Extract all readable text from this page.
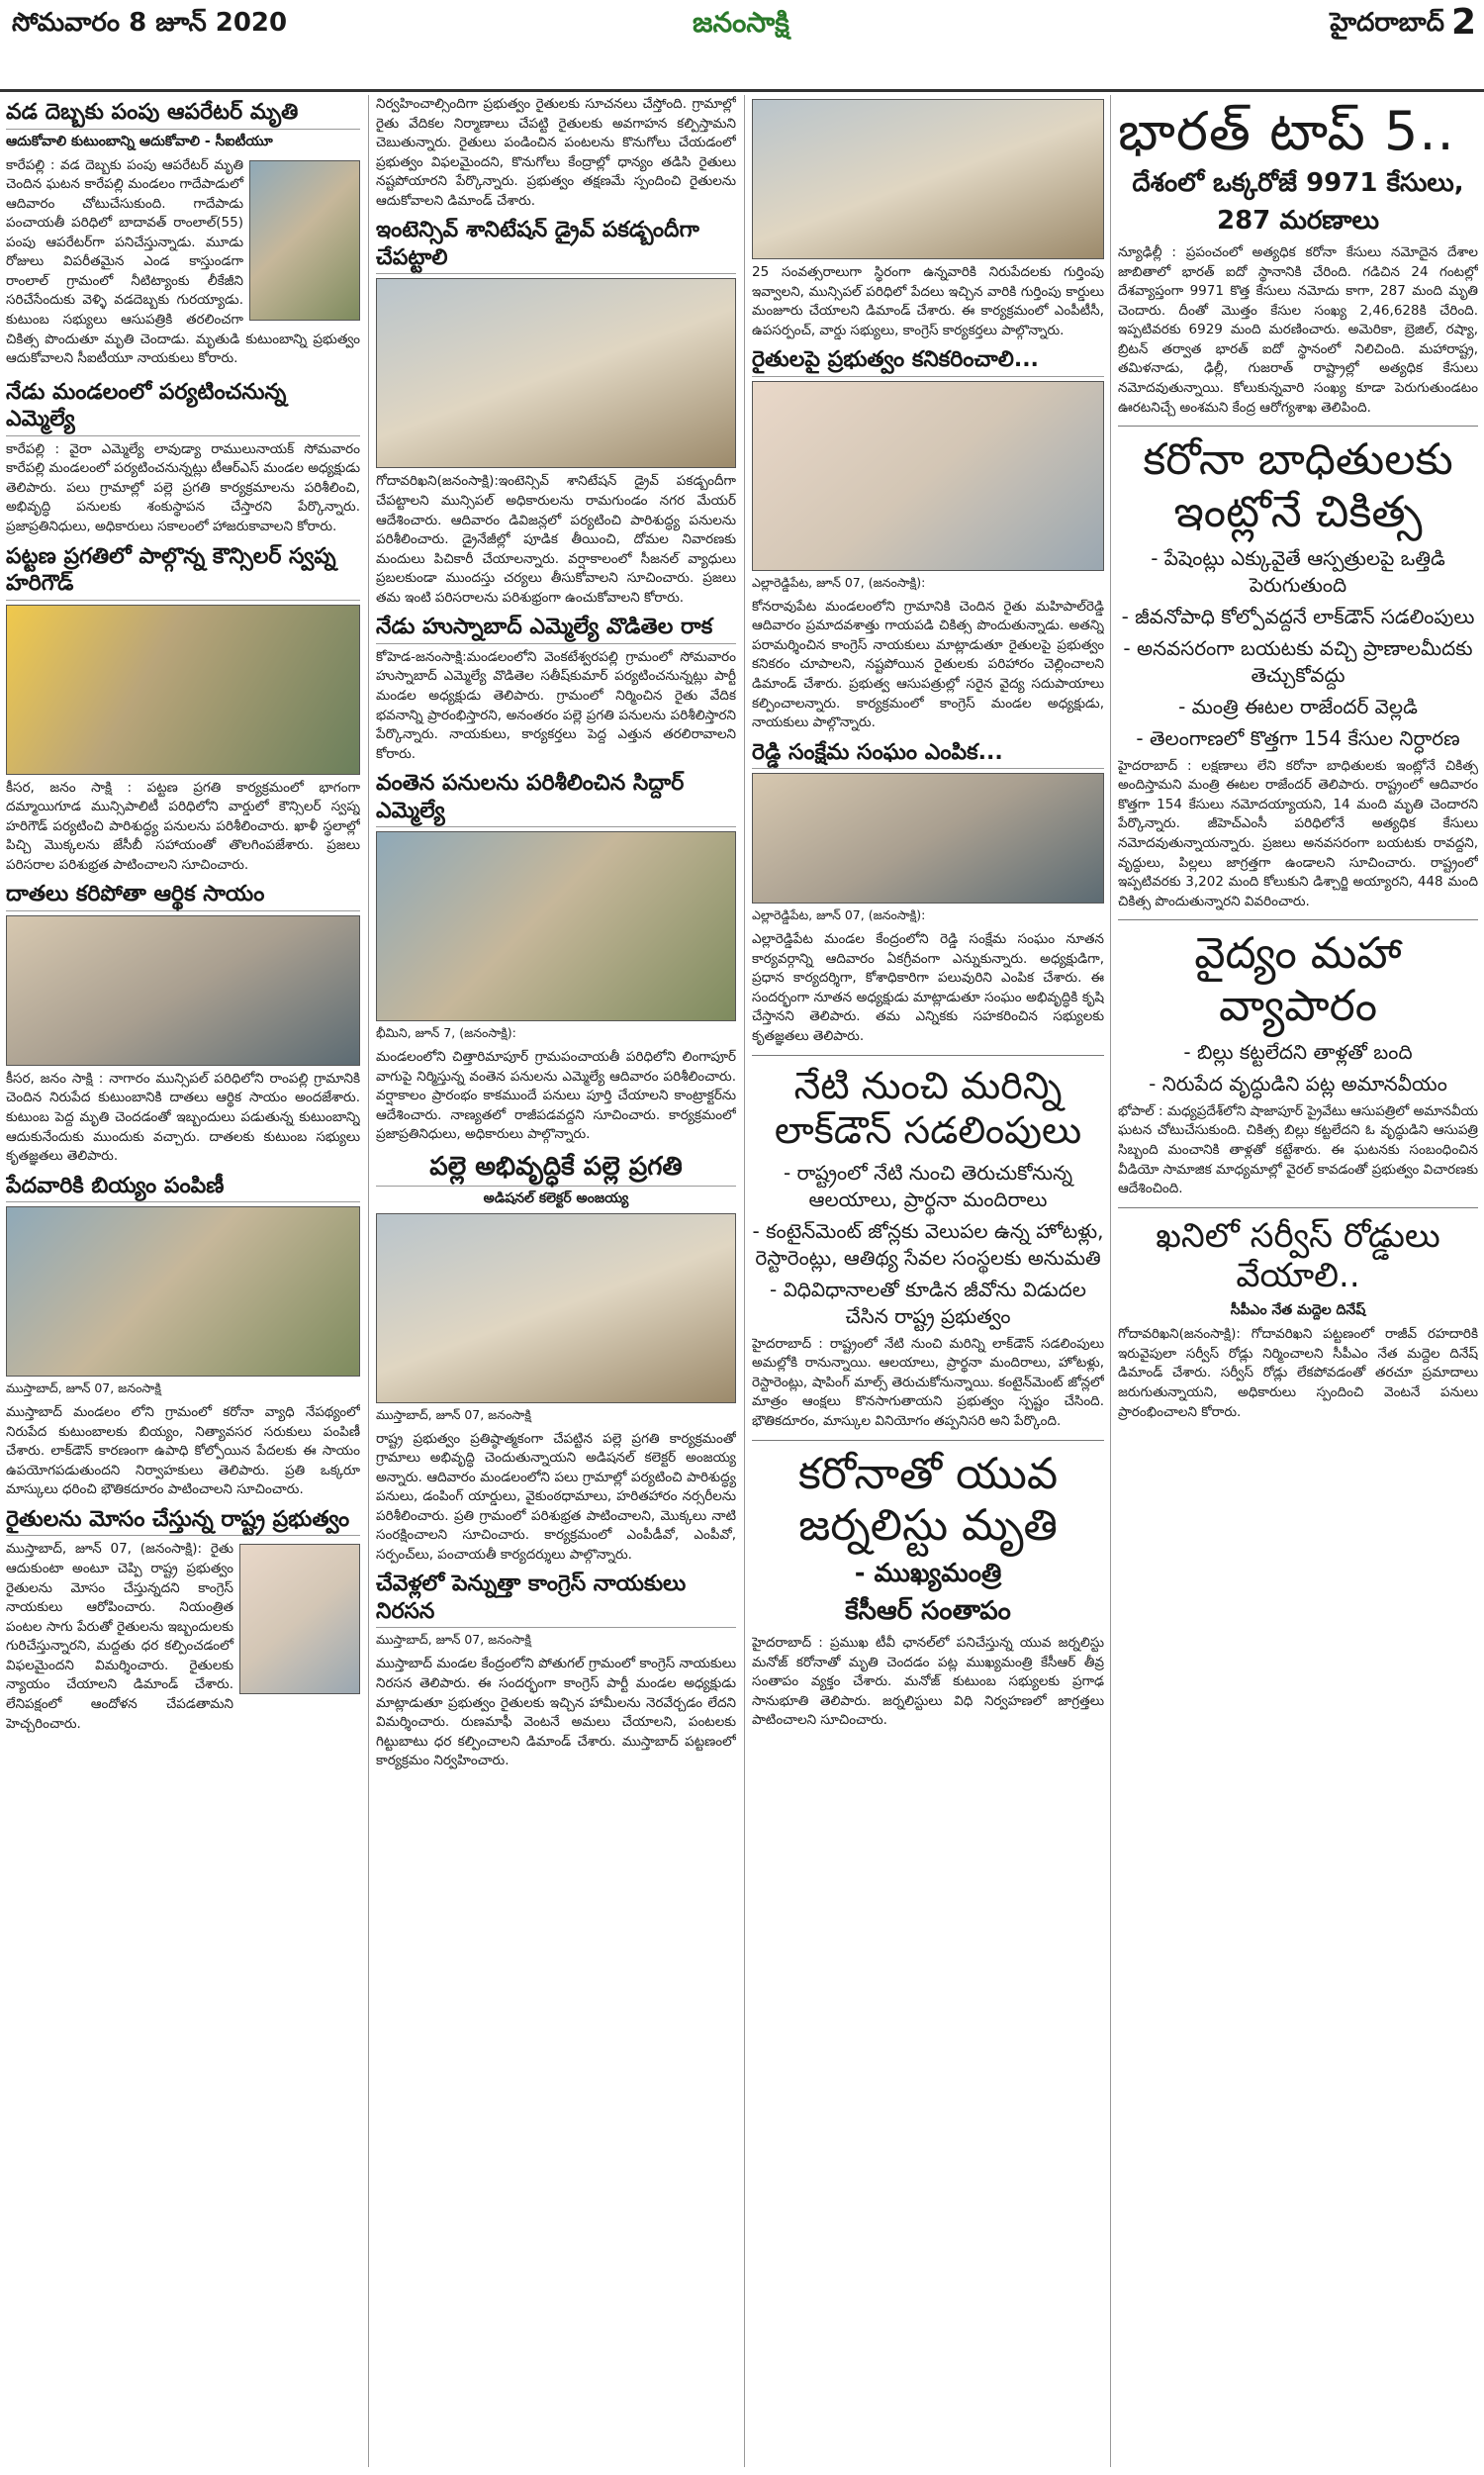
సోమవారం 8 జూన్ 2020	జనంసాక్షి	హైదరాబాద్ 2
వడ దెబ్బకు పంపు ఆపరేటర్ మృతి
ఆదుకోవాలి కుటుంబాన్ని ఆదుకోవాలి - సీఐటీయూ

కారేపల్లి : వడ దెబ్బకు పంపు ఆపరేటర్ మృతి చెందిన ఘటన కారేపల్లి మండలం గాదేపాడులో ఆదివారం చోటుచేసుకుంది. గాదేపాడు పంచాయతీ పరిధిలో బాదావత్ రాంలాల్(55) పంపు ఆపరేటర్‌గా పనిచేస్తున్నాడు. మూడు రోజులు విపరీతమైన ఎండ కాస్తుండగా రాంలాల్ గ్రామంలో నీటిట్యాంకు లీకేజీని సరిచేసేందుకు వెళ్ళి వడదెబ్బకు గురయ్యాడు. కుటుంబ సభ్యులు ఆసుపత్రికి తరలించగా చికిత్స పొందుతూ మృతి చెందాడు. మృతుడి కుటుంబాన్ని ప్రభుత్వం ఆదుకోవాలని సీఐటీయూ నాయకులు కోరారు.

నేడు మండలంలో పర్యటించనున్న ఎమ్మెల్యే

కారేపల్లి : వైరా ఎమ్మెల్యే లావుడ్యా రాములునాయక్ సోమవారం కారేపల్లి మండలంలో పర్యటించనున్నట్లు టీఆర్ఎస్ మండల అధ్యక్షుడు తెలిపారు. పలు గ్రామాల్లో పల్లె ప్రగతి కార్యక్రమాలను పరిశీలించి, అభివృద్ధి పనులకు శంకుస్థాపన చేస్తారని పేర్కొన్నారు. ప్రజాప్రతినిధులు, అధికారులు సకాలంలో హాజరుకావాలని కోరారు.

పట్టణ ప్రగతిలో పాల్గొన్న కౌన్సిలర్ స్వప్న హరిగౌడ్

కీసర, జనం సాక్షి : పట్టణ ప్రగతి కార్యక్రమంలో భాగంగా దమ్మాయిగూడ మున్సిపాలిటీ పరిధిలోని వార్డులో కౌన్సిలర్ స్వప్న హరిగౌడ్ పర్యటించి పారిశుద్ధ్య పనులను పరిశీలించారు. ఖాళీ స్థలాల్లో పిచ్చి మొక్కలను జేసీబీ సహాయంతో తొలగింపజేశారు. ప్రజలు పరిసరాల పరిశుభ్రత పాటించాలని సూచించారు.

దాతలు కరిపోతా ఆర్థిక సాయం

కీసర, జనం సాక్షి : నాగారం మున్సిపల్ పరిధిలోని రాంపల్లి గ్రామానికి చెందిన నిరుపేద కుటుంబానికి దాతలు ఆర్థిక సాయం అందజేశారు. కుటుంబ పెద్ద మృతి చెందడంతో ఇబ్బందులు పడుతున్న కుటుంబాన్ని ఆదుకునేందుకు ముందుకు వచ్చారు. దాతలకు కుటుంబ సభ్యులు కృతజ్ఞతలు తెలిపారు.

పేదవారికి బియ్యం పంపిణీ
ముస్తాబాద్, జూన్ 07, జనంసాక్షి

ముస్తాబాద్ మండలం లోని గ్రామంలో కరోనా వ్యాధి నేపథ్యంలో నిరుపేద కుటుంబాలకు బియ్యం, నిత్యావసర సరుకులు పంపిణీ చేశారు. లాక్‌డౌన్ కారణంగా ఉపాధి కోల్పోయిన పేదలకు ఈ సాయం ఉపయోగపడుతుందని నిర్వాహకులు తెలిపారు. ప్రతి ఒక్కరూ మాస్కులు ధరించి భౌతికదూరం పాటించాలని సూచించారు.

రైతులను మోసం చేస్తున్న రాష్ట్ర ప్రభుత్వం

ముస్తాబాద్, జూన్ 07, (జనంసాక్షి): రైతు ఆదుకుంటా అంటూ చెప్పి రాష్ట్ర ప్రభుత్వం రైతులను మోసం చేస్తున్నదని కాంగ్రెస్ నాయకులు ఆరోపించారు. నియంత్రిత పంటల సాగు పేరుతో రైతులను ఇబ్బందులకు గురిచేస్తున్నారని, మద్దతు ధర కల్పించడంలో విఫలమైందని విమర్శించారు. రైతులకు న్యాయం చేయాలని డిమాండ్ చేశారు. లేనిపక్షంలో ఆందోళన చేపడతామని హెచ్చరించారు.

నిర్వహించాల్సిందిగా ప్రభుత్వం రైతులకు సూచనలు చేస్తోంది. గ్రామాల్లో రైతు వేదికల నిర్మాణాలు చేపట్టి రైతులకు అవగాహన కల్పిస్తామని చెబుతున్నారు. రైతులు పండించిన పంటలను కొనుగోలు చేయడంలో ప్రభుత్వం విఫలమైందని, కొనుగోలు కేంద్రాల్లో ధాన్యం తడిసి రైతులు నష్టపోయారని పేర్కొన్నారు. ప్రభుత్వం తక్షణమే స్పందించి రైతులను ఆదుకోవాలని డిమాండ్ చేశారు.

ఇంటెన్సివ్ శానిటేషన్ డ్రైవ్ పకడ్బందీగా చేపట్టాలి

గోదావరిఖని(జనంసాక్షి):ఇంటెన్సివ్ శానిటేషన్ డ్రైవ్ పకడ్బందీగా చేపట్టాలని మున్సిపల్ అధికారులను రామగుండం నగర మేయర్ ఆదేశించారు. ఆదివారం డివిజన్లలో పర్యటించి పారిశుద్ధ్య పనులను పరిశీలించారు. డ్రైనేజీల్లో పూడిక తీయించి, దోమల నివారణకు మందులు పిచికారీ చేయాలన్నారు. వర్షాకాలంలో సీజనల్ వ్యాధులు ప్రబలకుండా ముందస్తు చర్యలు తీసుకోవాలని సూచించారు. ప్రజలు తమ ఇంటి పరిసరాలను పరిశుభ్రంగా ఉంచుకోవాలని కోరారు.

నేడు హుస్నాబాద్ ఎమ్మెల్యే వొడితెల రాక

కోహెడ-జనంసాక్షి:మండలంలోని వెంకటేశ్వరపల్లి గ్రామంలో సోమవారం హుస్నాబాద్ ఎమ్మెల్యే వొడితెల సతీష్‌కుమార్ పర్యటించనున్నట్లు పార్టీ మండల అధ్యక్షుడు తెలిపారు. గ్రామంలో నిర్మించిన రైతు వేదిక భవనాన్ని ప్రారంభిస్తారని, అనంతరం పల్లె ప్రగతి పనులను పరిశీలిస్తారని పేర్కొన్నారు. నాయకులు, కార్యకర్తలు పెద్ద ఎత్తున తరలిరావాలని కోరారు.

వంతెన పనులను పరిశీలించిన సిద్దార్ ఎమ్మెల్యే
భీమిని, జూన్ 7, (జనంసాక్షి):

మండలంలోని చిత్తారిమాపూర్ గ్రామపంచాయతీ పరిధిలోని లింగాపూర్ వాగుపై నిర్మిస్తున్న వంతెన పనులను ఎమ్మెల్యే ఆదివారం పరిశీలించారు. వర్షాకాలం ప్రారంభం కాకముందే పనులు పూర్తి చేయాలని కాంట్రాక్టర్‌ను ఆదేశించారు. నాణ్యతలో రాజీపడవద్దని సూచించారు. కార్యక్రమంలో ప్రజాప్రతినిధులు, అధికారులు పాల్గొన్నారు.

పల్లె అభివృద్ధికే పల్లె ప్రగతి
అడిషనల్ కలెక్టర్ అంజయ్య
ముస్తాబాద్, జూన్ 07, జనంసాక్షి

రాష్ట్ర ప్రభుత్వం ప్రతిష్ఠాత్మకంగా చేపట్టిన పల్లె ప్రగతి కార్యక్రమంతో గ్రామాలు అభివృద్ధి చెందుతున్నాయని అడిషనల్ కలెక్టర్ అంజయ్య అన్నారు. ఆదివారం మండలంలోని పలు గ్రామాల్లో పర్యటించి పారిశుద్ధ్య పనులు, డంపింగ్ యార్డులు, వైకుంఠధామాలు, హరితహారం నర్సరీలను పరిశీలించారు. ప్రతి గ్రామంలో పరిశుభ్రత పాటించాలని, మొక్కలు నాటి సంరక్షించాలని సూచించారు. కార్యక్రమంలో ఎంపీడీవో, ఎంపీవో, సర్పంచ్‌లు, పంచాయతీ కార్యదర్శులు పాల్గొన్నారు.

చేవెళ్లలో పెన్నుత్తా కాంగ్రెస్ నాయకులు నిరసన
ముస్తాబాద్, జూన్ 07, జనంసాక్షి

ముస్తాబాద్ మండల కేంద్రంలోని పోతుగల్ గ్రామంలో కాంగ్రెస్ నాయకులు నిరసన తెలిపారు. ఈ సందర్భంగా కాంగ్రెస్ పార్టీ మండల అధ్యక్షుడు మాట్లాడుతూ ప్రభుత్వం రైతులకు ఇచ్చిన హామీలను నెరవేర్చడం లేదని విమర్శించారు. రుణమాఫీ వెంటనే అమలు చేయాలని, పంటలకు గిట్టుబాటు ధర కల్పించాలని డిమాండ్ చేశారు. ముస్తాబాద్ పట్టణంలో కార్యక్రమం నిర్వహించారు.

25 సంవత్సరాలుగా స్థిరంగా ఉన్నవారికి నిరుపేదలకు గుర్తింపు ఇవ్వాలని, మున్సిపల్ పరిధిలో పేదలు ఇచ్చిన వారికి గుర్తింపు కార్డులు మంజూరు చేయాలని డిమాండ్ చేశారు. ఈ కార్యక్రమంలో ఎంపీటీసీ, ఉపసర్పంచ్, వార్డు సభ్యులు, కాంగ్రెస్ కార్యకర్తలు పాల్గొన్నారు.

రైతులపై ప్రభుత్వం కనికరించాలి...
ఎల్లారెడ్డిపేట, జూన్ 07, (జనంసాక్షి):

కోనరావుపేట మండలంలోని గ్రామానికి చెందిన రైతు మహిపాల్‌రెడ్డి ఆదివారం ప్రమాదవశాత్తు గాయపడి చికిత్స పొందుతున్నాడు. అతన్ని పరామర్శించిన కాంగ్రెస్ నాయకులు మాట్లాడుతూ రైతులపై ప్రభుత్వం కనికరం చూపాలని, నష్టపోయిన రైతులకు పరిహారం చెల్లించాలని డిమాండ్ చేశారు. ప్రభుత్వ ఆసుపత్రుల్లో సరైన వైద్య సదుపాయాలు కల్పించాలన్నారు. కార్యక్రమంలో కాంగ్రెస్ మండల అధ్యక్షుడు, నాయకులు పాల్గొన్నారు.

రెడ్డి సంక్షేమ సంఘం ఎంపిక...
ఎల్లారెడ్డిపేట, జూన్ 07, (జనంసాక్షి):

ఎల్లారెడ్డిపేట మండల కేంద్రంలోని రెడ్డి సంక్షేమ సంఘం నూతన కార్యవర్గాన్ని ఆదివారం ఏకగ్రీవంగా ఎన్నుకున్నారు. అధ్యక్షుడిగా, ప్రధాన కార్యదర్శిగా, కోశాధికారిగా పలువురిని ఎంపిక చేశారు. ఈ సందర్భంగా నూతన అధ్యక్షుడు మాట్లాడుతూ సంఘం అభివృద్ధికి కృషి చేస్తానని తెలిపారు. తమ ఎన్నికకు సహకరించిన సభ్యులకు కృతజ్ఞతలు తెలిపారు.

నేటి నుంచి మరిన్ని లాక్‌డౌన్ సడలింపులు
- రాష్ట్రంలో నేటి నుంచి తెరుచుకోనున్న ఆలయాలు, ప్రార్థనా మందిరాలు
- కంటైన్‌మెంట్ జోన్లకు వెలుపల ఉన్న హోటళ్లు, రెస్టారెంట్లు, ఆతిథ్య సేవల సంస్థలకు అనుమతి
- విధివిధానాలతో కూడిన జీవోను విడుదల చేసిన రాష్ట్ర ప్రభుత్వం

హైదరాబాద్ : రాష్ట్రంలో నేటి నుంచి మరిన్ని లాక్‌డౌన్ సడలింపులు అమల్లోకి రానున్నాయి. ఆలయాలు, ప్రార్థనా మందిరాలు, హోటళ్లు, రెస్టారెంట్లు, షాపింగ్ మాల్స్ తెరుచుకోనున్నాయి. కంటైన్‌మెంట్ జోన్లలో మాత్రం ఆంక్షలు కొనసాగుతాయని ప్రభుత్వం స్పష్టం చేసింది. భౌతికదూరం, మాస్కుల వినియోగం తప్పనిసరి అని పేర్కొంది.

కరోనాతో యువ జర్నలిస్టు మృతి
- ముఖ్యమంత్రి
కేసీఆర్ సంతాపం

హైదరాబాద్ : ప్రముఖ టీవీ ఛానల్‌లో పనిచేస్తున్న యువ జర్నలిస్టు మనోజ్ కరోనాతో మృతి చెందడం పట్ల ముఖ్యమంత్రి కేసీఆర్ తీవ్ర సంతాపం వ్యక్తం చేశారు. మనోజ్ కుటుంబ సభ్యులకు ప్రగాఢ సానుభూతి తెలిపారు. జర్నలిస్టులు విధి నిర్వహణలో జాగ్రత్తలు పాటించాలని సూచించారు.

భారత్ టాప్ 5..
దేశంలో ఒక్కరోజే 9971 కేసులు,
287 మరణాలు

న్యూఢిల్లీ : ప్రపంచంలో అత్యధిక కరోనా కేసులు నమోదైన దేశాల జాబితాలో భారత్ ఐదో స్థానానికి చేరింది. గడిచిన 24 గంటల్లో దేశవ్యాప్తంగా 9971 కొత్త కేసులు నమోదు కాగా, 287 మంది మృతి చెందారు. దీంతో మొత్తం కేసుల సంఖ్య 2,46,628కి చేరింది. ఇప్పటివరకు 6929 మంది మరణించారు. అమెరికా, బ్రెజిల్, రష్యా, బ్రిటన్ తర్వాత భారత్ ఐదో స్థానంలో నిలిచింది. మహారాష్ట్ర, తమిళనాడు, ఢిల్లీ, గుజరాత్ రాష్ట్రాల్లో అత్యధిక కేసులు నమోదవుతున్నాయి. కోలుకున్నవారి సంఖ్య కూడా పెరుగుతుండటం ఊరటనిచ్చే అంశమని కేంద్ర ఆరోగ్యశాఖ తెలిపింది.

కరోనా బాధితులకు ఇంట్లోనే చికిత్స
- పేషెంట్లు ఎక్కువైతే ఆస్పత్రులపై ఒత్తిడి పెరుగుతుంది
- జీవనోపాధి కోల్పోవద్దనే లాక్‌డౌన్ సడలింపులు
- అనవసరంగా బయటకు వచ్చి ప్రాణాలమీదకు తెచ్చుకోవద్దు
- మంత్రి ఈటల రాజేందర్ వెల్లడి
- తెలంగాణలో కొత్తగా 154 కేసుల నిర్ధారణ

హైదరాబాద్ : లక్షణాలు లేని కరోనా బాధితులకు ఇంట్లోనే చికిత్స అందిస్తామని మంత్రి ఈటల రాజేందర్ తెలిపారు. రాష్ట్రంలో ఆదివారం కొత్తగా 154 కేసులు నమోదయ్యాయని, 14 మంది మృతి చెందారని పేర్కొన్నారు. జీహెచ్‌ఎంసీ పరిధిలోనే అత్యధిక కేసులు నమోదవుతున్నాయన్నారు. ప్రజలు అనవసరంగా బయటకు రావద్దని, వృద్ధులు, పిల్లలు జాగ్రత్తగా ఉండాలని సూచించారు. రాష్ట్రంలో ఇప్పటివరకు 3,202 మంది కోలుకుని డిశ్చార్జి అయ్యారని, 448 మంది చికిత్స పొందుతున్నారని వివరించారు.

వైద్యం మహా వ్యాపారం
- బిల్లు కట్టలేదని తాళ్లతో బంది
- నిరుపేద వృద్ధుడిని పట్ల అమానవీయం

భోపాల్ : మధ్యప్రదేశ్‌లోని షాజాపూర్ ప్రైవేటు ఆసుపత్రిలో అమానవీయ ఘటన చోటుచేసుకుంది. చికిత్స బిల్లు కట్టలేదని ఓ వృద్ధుడిని ఆసుపత్రి సిబ్బంది మంచానికి తాళ్లతో కట్టేశారు. ఈ ఘటనకు సంబంధించిన వీడియో సామాజిక మాధ్యమాల్లో వైరల్ కావడంతో ప్రభుత్వం విచారణకు ఆదేశించింది.

ఖనిలో సర్వీస్ రోడ్డులు వేయాలి..
సీపీఎం నేత మద్దెల దినేష్

గోదావరిఖని(జనంసాక్షి): గోదావరిఖని పట్టణంలో రాజీవ్ రహదారికి ఇరువైపులా సర్వీస్ రోడ్లు నిర్మించాలని సీపీఎం నేత మద్దెల దినేష్ డిమాండ్ చేశారు. సర్వీస్ రోడ్లు లేకపోవడంతో తరచూ ప్రమాదాలు జరుగుతున్నాయని, అధికారులు స్పందించి వెంటనే పనులు ప్రారంభించాలని కోరారు.
